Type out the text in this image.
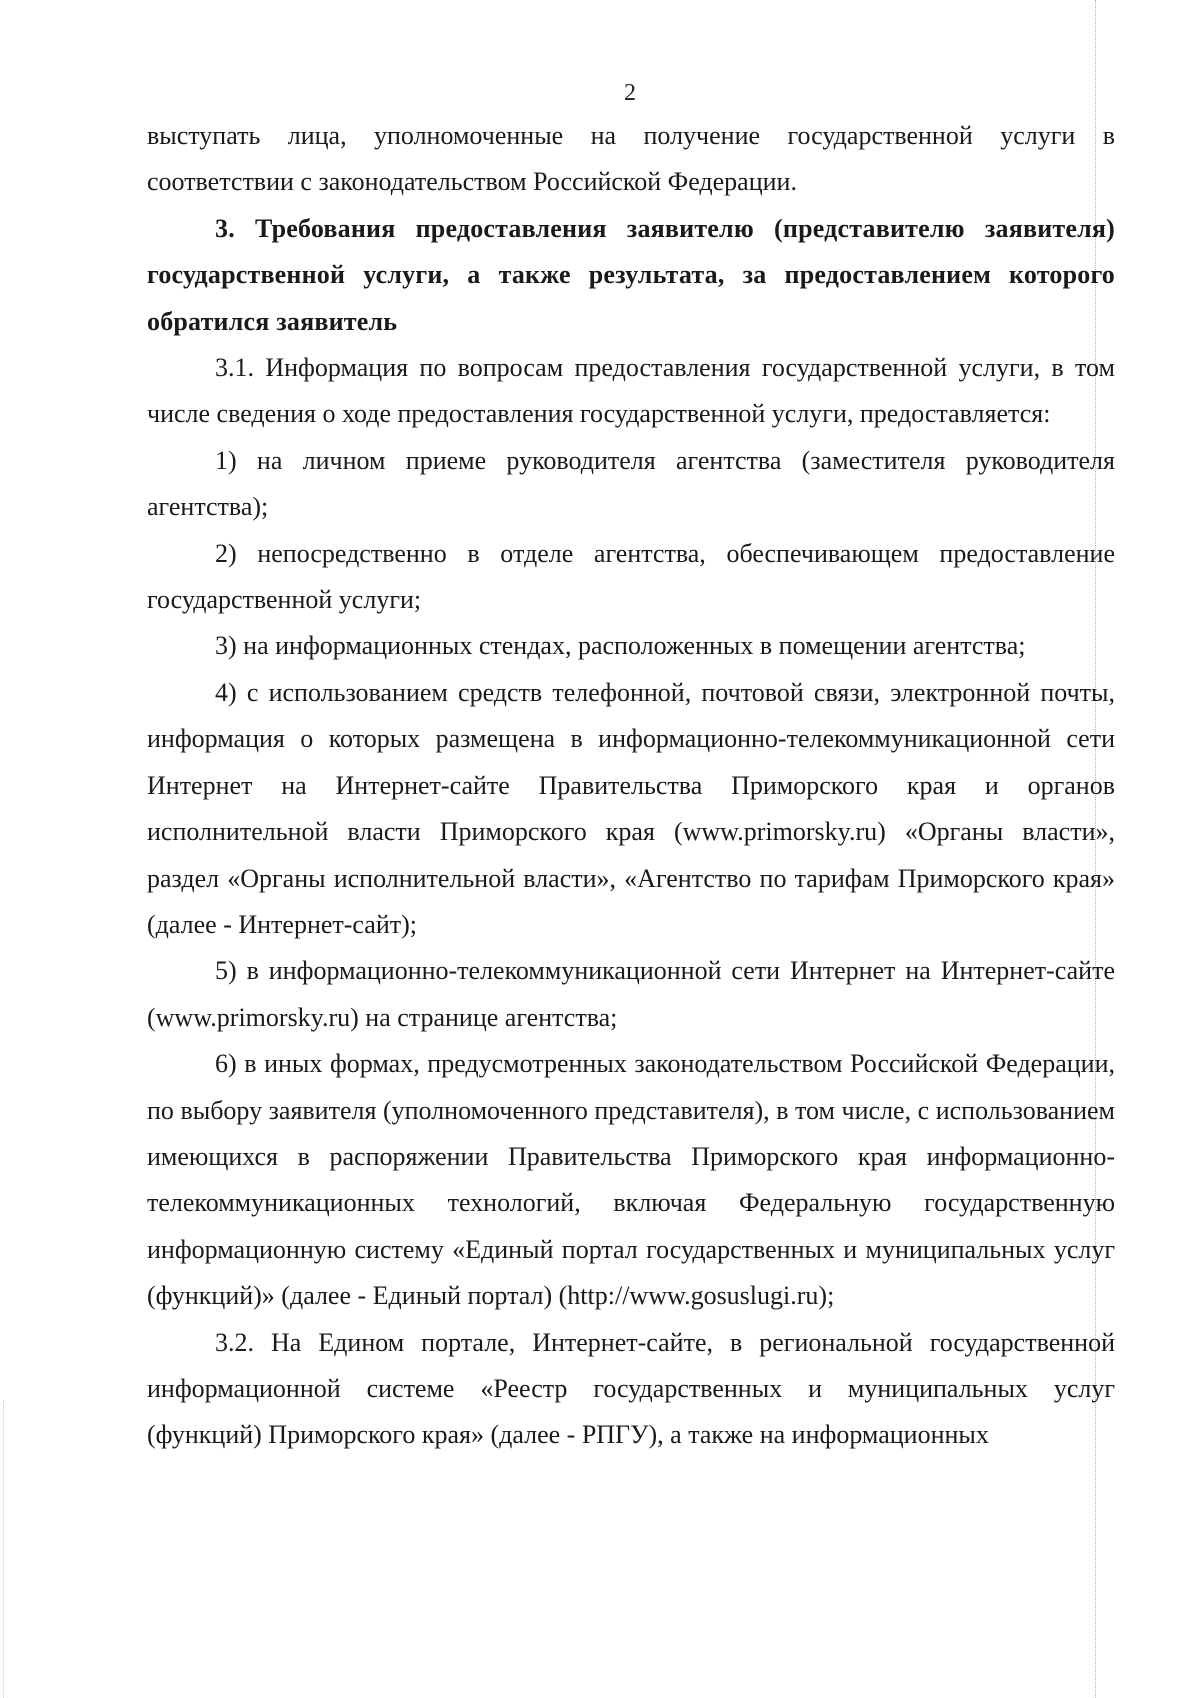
2

выступать лица, уполномоченные на получение государственной услуги в соответствии с законодательством Российской Федерации.

3. Требования предоставления заявителю (представителю заявителя) государственной услуги, а также результата, за предоставлением которого обратился заявитель

3.1. Информация по вопросам предоставления государственной услуги, в том числе сведения о ходе предоставления государственной услуги, предоставляется:

1) на личном приеме руководителя агентства (заместителя руководителя агентства);

2) непосредственно в отделе агентства, обеспечивающем предоставление государственной услуги;

3) на информационных стендах, расположенных в помещении агентства;

4) с использованием средств телефонной, почтовой связи, электронной почты, информация о которых размещена в информационно-телекоммуникационной сети Интернет на Интернет-сайте Правительства Приморского края и органов исполнительной власти Приморского края (www.primorsky.ru) «Органы власти», раздел «Органы исполнительной власти», «Агентство по тарифам Приморского края» (далее - Интернет-сайт);

5) в информационно-телекоммуникационной сети Интернет на Интернет-сайте (www.primorsky.ru) на странице агентства;

6) в иных формах, предусмотренных законодательством Российской Федерации, по выбору заявителя (уполномоченного представителя), в том числе, с использованием имеющихся в распоряжении Правительства Приморского края информационно-телекоммуникационных технологий, включая Федеральную государственную информационную систему «Единый портал государственных и муниципальных услуг (функций)» (далее - Единый портал) (http://www.gosuslugi.ru);

3.2. На Едином портале, Интернет-сайте, в региональной государственной информационной системе «Реестр государственных и муниципальных услуг (функций) Приморского края» (далее - РПГУ), а также на информационных
